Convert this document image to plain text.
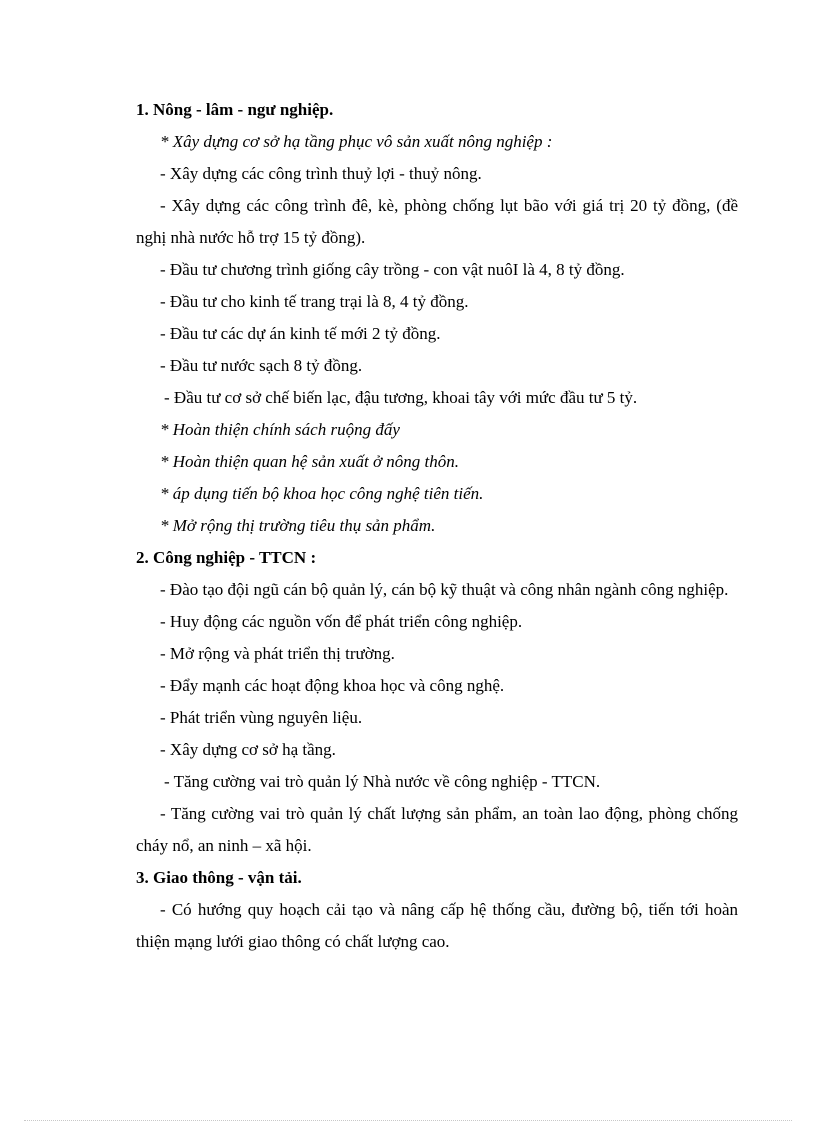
1. Nông - lâm - ngư nghiệp.
* Xây dựng cơ sở hạ tầng phục vô sản xuất nông nghiệp :
- Xây dựng các công trình thuỷ lợi - thuỷ nông.
- Xây dựng các công trình đê, kè, phòng chống lụt bão với giá trị 20 tỷ đồng, (đề nghị nhà nước hỗ trợ 15 tỷ đồng).
- Đầu tư chương trình giống cây trồng - con vật nuôI là 4, 8 tỷ đồng.
- Đầu tư cho kinh tế trang trại là 8, 4 tỷ đồng.
- Đầu tư các dự án kinh tế mới 2 tỷ đồng.
- Đầu tư nước sạch 8 tỷ đồng.
- Đầu tư cơ sở chế biến lạc, đậu tương, khoai tây với mức đầu tư 5 tỷ.
* Hoàn thiện chính sách ruộng đấy
* Hoàn thiện quan hệ sản xuất ở nông thôn.
* áp dụng tiến bộ khoa học công nghệ tiên tiến.
* Mở rộng thị trường tiêu thụ sản phẩm.
2. Công nghiệp - TTCN :
- Đào tạo đội ngũ cán bộ quản lý, cán bộ kỹ thuật và công nhân ngành công nghiệp.
- Huy động các nguồn vốn để phát triển công nghiệp.
- Mở rộng và phát triển thị trường.
- Đẩy mạnh các hoạt động khoa học và công nghệ.
- Phát triển vùng nguyên liệu.
- Xây dựng cơ sở hạ tầng.
- Tăng cường vai trò quản lý Nhà nước về công nghiệp - TTCN.
- Tăng cường vai trò quản lý chất lượng sản phẩm, an toàn lao động, phòng chống cháy nổ, an ninh – xã hội.
3. Giao thông - vận tải.
- Có hướng quy hoạch cải tạo và nâng cấp hệ thống cầu, đường bộ, tiến tới hoàn thiện mạng lưới giao thông có chất lượng cao.
